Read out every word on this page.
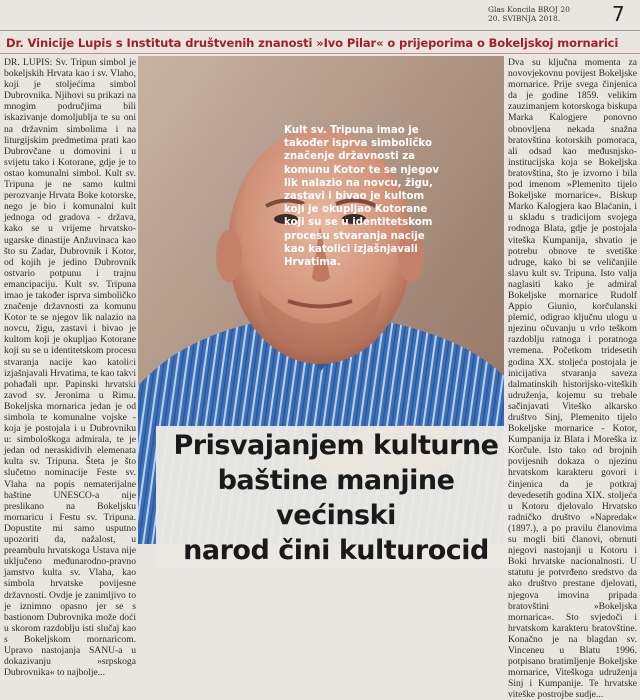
Glas Koncila BROJ 20
20. SVIBNJA 2018.	7
Dr. Vinicije Lupis s Instituta društvenih znanosti »Ivo Pilar« o prijeporima o Bokeljskoj mornarici

DR. LUPIS: Sv. Tripun simbol je bokeljskih Hrvata kao i sv. Vlaho, koji je stoljećima simbol Dubrovnika. Njihovi su prikazi na mnogim područjima bili iskazivanje domoljublja te su oni na državnim simbolima i na liturgijskim predmetima prati kao Dubrovčane u domovini i u svijetu tako i Kotorane, gdje je to ostao komunalni simbol. Kult sv. Tripuna je ne samo kultni perozvanje Hrvata Boke kotorske, nego je bio i komunalni kult jednoga od gradova - država, kako se u vrijeme hrvatsko-ugarske dinastije Anžuvinaca kao što su Zadar, Dubrovnik i Kotor, od kojih je jedino Dubrovnik ostvario potpunu i trajnu emancipaciju. Kult sv. Tripuna imao je također isprva simboličko značenje državnosti za komunu Kotor te se njegov lik nalazio na novcu, žigu, zastavi i bivao je kultom koji je okupljao Kotorane koji su se u identitetskom procesu stvaranja nacije kao katolici izjašnjavali Hrvatima, te kao takvi pohađali npr. Papinski hrvatski zavod sv. Jeronima u Rimu. Bokeljska mornarica jedan je od simbola te komunalne vojske - koja je postojala i u Dubrovniku u: simbološkoga admirala, te je jedan od neraskidivih elemenata kulta sv. Tripuna. Šteta je što slučetno nominacije Feste sv. Vlaha na popis nematerijalne baštine UNESCO-a nije preslikano na Bokeljsku mornaricu i Festu sv. Tripuna. Dopustite mi samo usputno upozoriti da, nažalost, u preambulu hrvatskoga Ustava nije uključeno međunarodno-pravno jamstvo kulta sv. Vlaha, kao simbola hrvatske povijesne državnosti. Ovdje je zanimljivo to je iznimno opasno jer se s bastionom Dubrovnika može doći u skorom razdoblju isti slučaj kao s Bokeljskom mornaricom. Upravo nastojanja SANU-a u dokazivanju »srpskoga Dubrovnika« to najbolje...

Kult sv. Tripuna imao je također isprva simboličko značenje državnosti za komunu Kotor te se njegov lik nalazio na novcu, žigu, zastavi i bivao je kultom koji je okupljao Kotorane koji su se u identitetskom procesu stvaranja nacije kao katolici izjašnjavali Hrvatima.
Snimio: G. Kati
Prisvajanjem kulturne
baštine manjine većinski
narod čini kulturocid

Dva su ključna momenta za novovjekovnu povijest Bokeljske mornarice. Prije svega činjenica da je godine 1859. velikim zauzimanjem kotorskoga biskupa Marka Kalogjere ponovno obnovljena nekada snažna bratovština kotorskih pomoraca, ali odsad kao međusnjsko-institucijska koja se Bokeljska bratovština, što je izvorno i bila pod imenom »Plemenito tijelo Bokeljske mornarice«. Biskup Marko Kalogjera kao Blaćanin, i u skladu s tradicijom svojega rodnoga Blata, gdje je postojala viteška Kumpanija, shvatio je potrebu obnove te svetiške udruge, kako bi se veličanjile slavu kult sv. Tripuna. Isto valja naglasiti kako je admiral Bokeljske mornarice Rudolf Appio Giunio, korčulanski plemić, odigrao ključnu ulogu u njezinu očuvanju u vrlo teškom razdoblju ratnoga i poratnoga vremena. Početkom tridesetih godina XX. stoljeća postojala je inicijativa stvaranja saveza dalmatinskih historijsko-viteških udruženja, kojemu su trebale sačinjavati Viteško alkarsko društvo Sinj, Plemenito tijelo Bokeljske mornarice - Kotor, Kumpanija iz Blata i Moreška iz Korčule. Isto tako od brojnih povijesnih dokaza o njezinu hrvatskom karakteru govori i činjenica da je potkraj devedesetih godina XIX. stoljeća u Kotoru djelovalo Hrvatsko radničko društvo »Napredak« (1897.), a po pravilu članovima su mogli biti članovi, obrnuti njegovi nastojanji u Kotoru i Boki hrvatske nacionalnosti. U statutu je potvrđeno sredstvo da ako društvo prestane djelovati, njegova imovina pripada bratovštini »Bokeljska mornarica«. Sto svjedoči i hrvatskom karakteru bratovštine. Konačno je na blagdan sv. Vinceneu u Blatu 1996. potpisano bratimljenje Bokeljske mornarice, Viteškoga udruženja Sinj i Kumpanije. Te hrvatske viteške postrojbe sudje...
